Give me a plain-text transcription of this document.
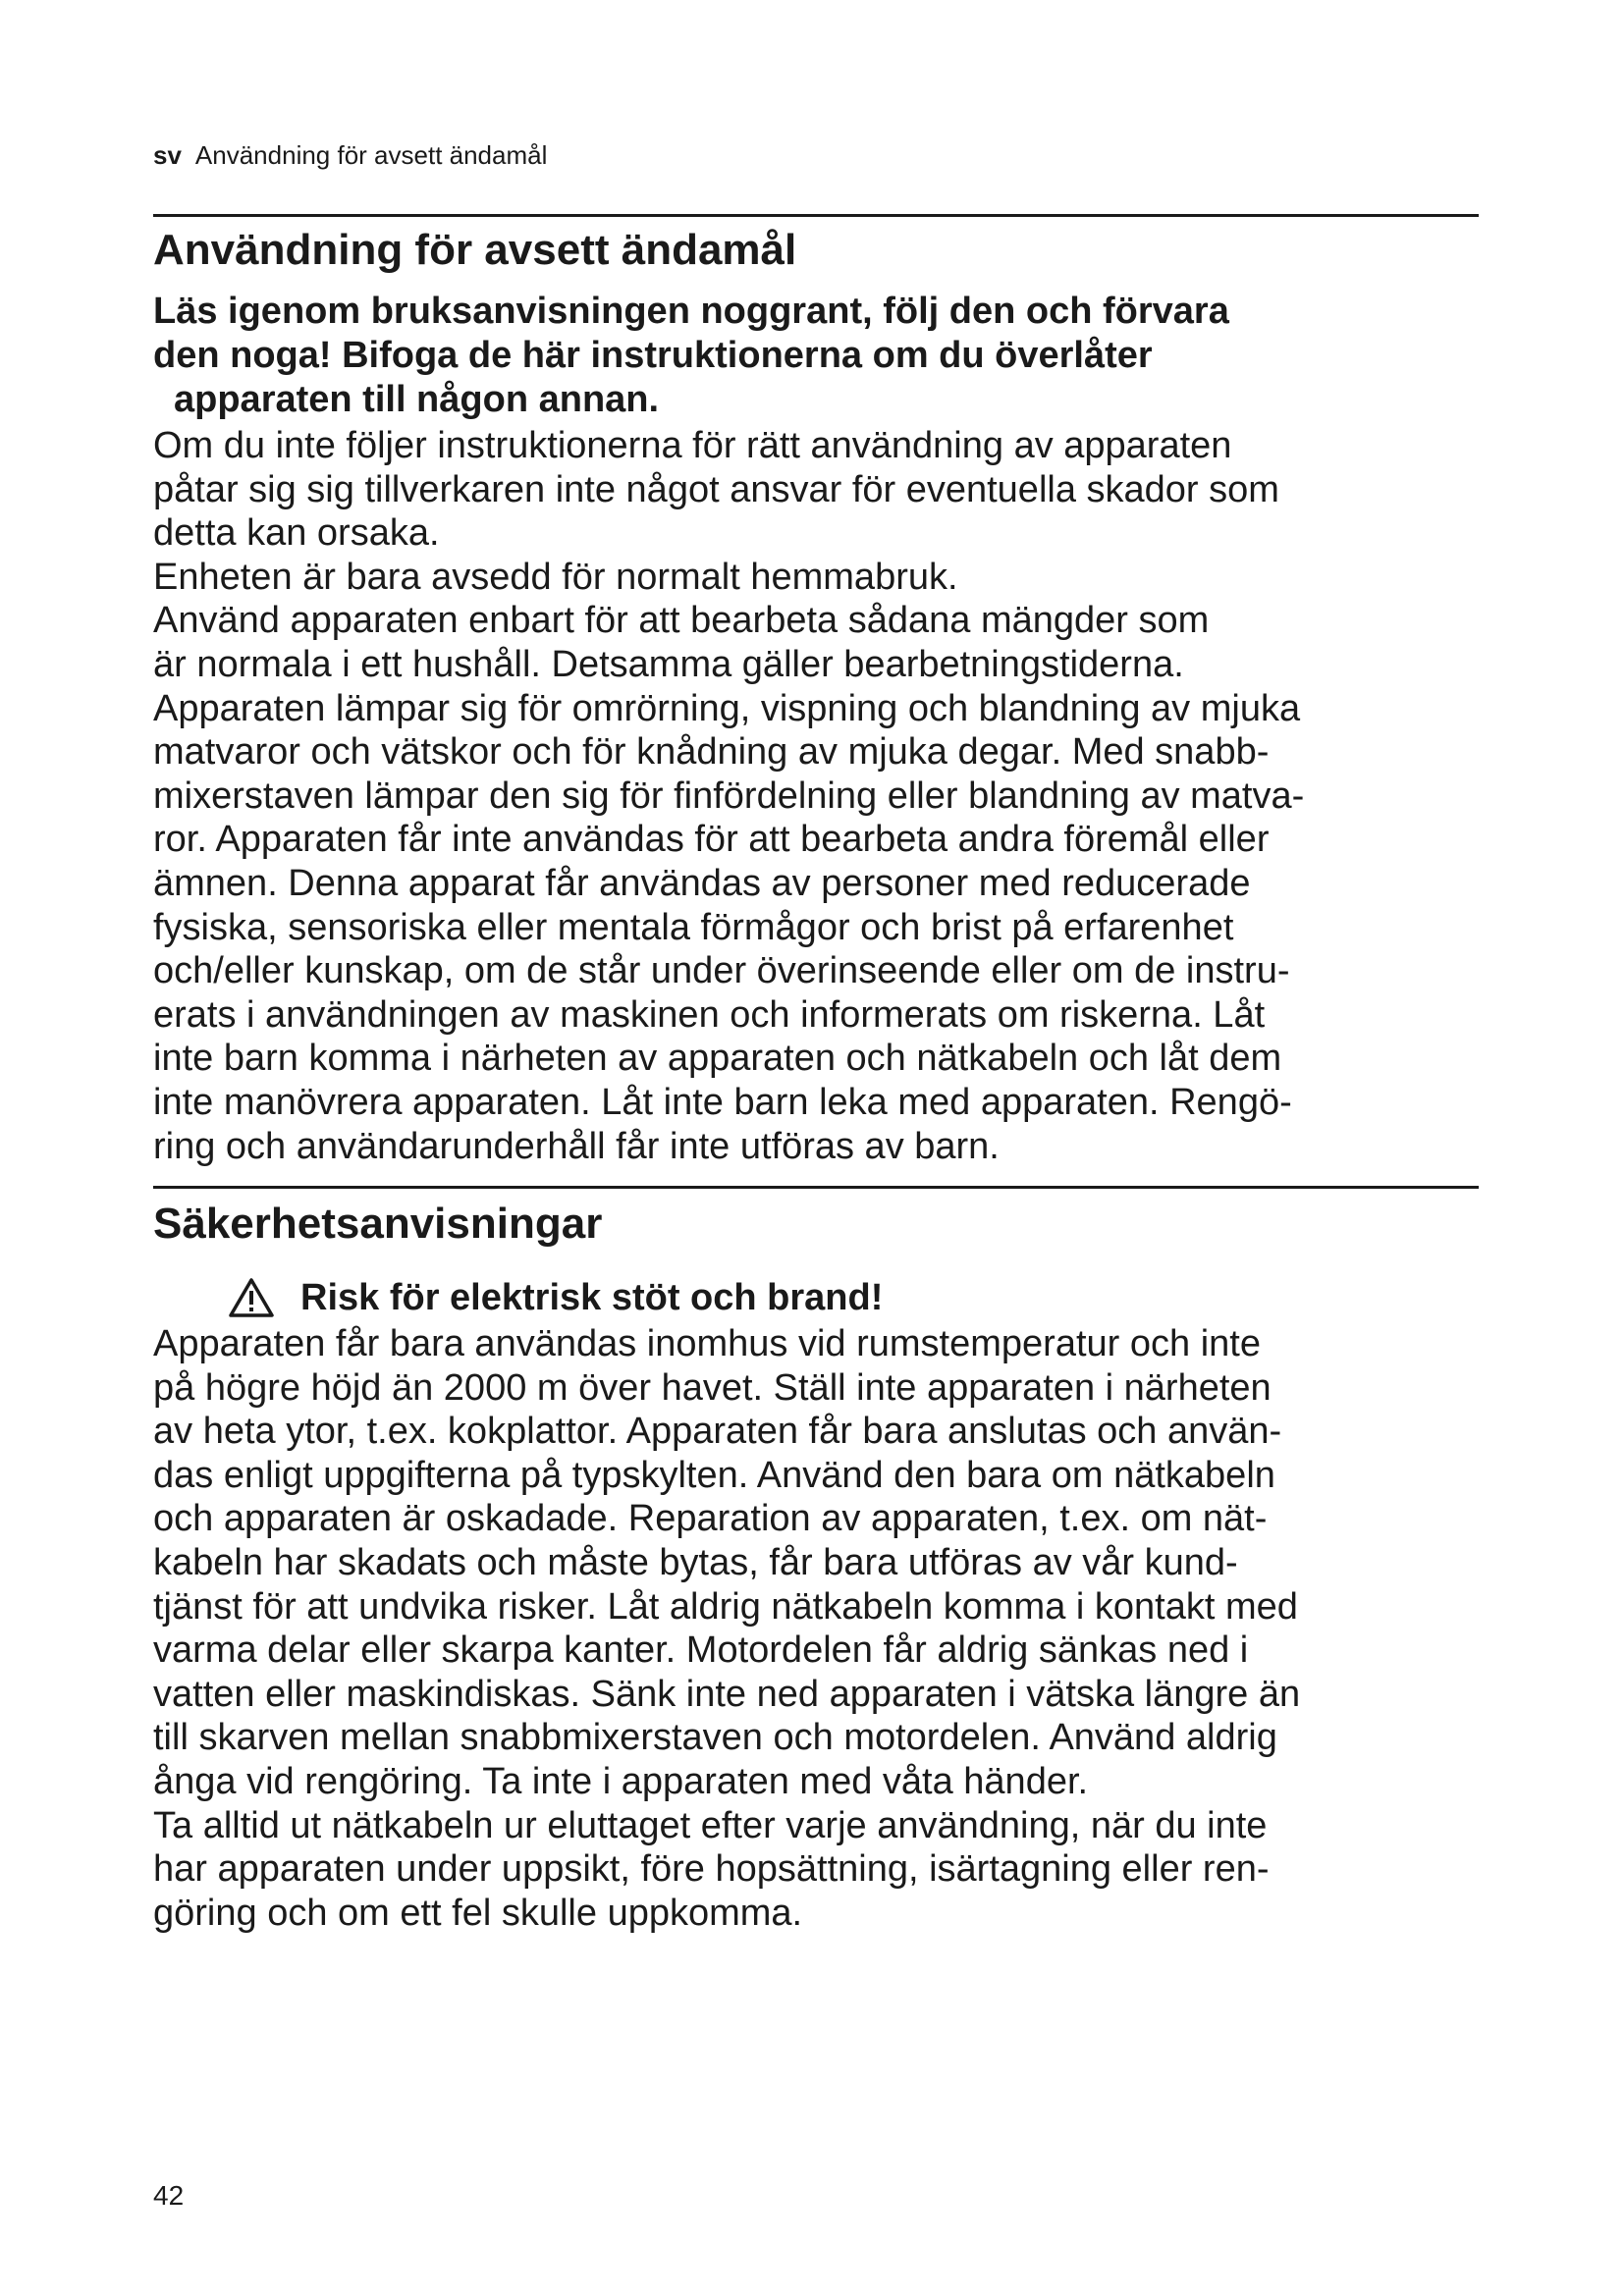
sv Användning för avsett ändamål
Användning för avsett ändamål
Läs igenom bruksanvisningen noggrant, följ den och förvara
den noga! Bifoga de här instruktionerna om du överlåter
apparaten till någon annan.
Om du inte följer instruktionerna för rätt användning av apparaten
påtar sig sig tillverkaren inte något ansvar för eventuella skador som
detta kan orsaka.
Enheten är bara avsedd för normalt hemmabruk.
Använd apparaten enbart för att bearbeta sådana mängder som
är normala i ett hushåll. Detsamma gäller bearbetningstiderna.
Apparaten lämpar sig för omrörning, vispning och blandning av mjuka
matvaror och vätskor och för knådning av mjuka degar. Med snabb-
mixerstaven lämpar den sig för finfördelning eller blandning av matva-
ror. Apparaten får inte användas för att bearbeta andra föremål eller
ämnen. Denna apparat får användas av personer med reducerade
fysiska, sensoriska eller mentala förmågor och brist på erfarenhet
och/eller kunskap, om de står under överinseende eller om de instru-
erats i användningen av maskinen och informerats om riskerna. Låt
inte barn komma i närheten av apparaten och nätkabeln och låt dem
inte manövrera apparaten. Låt inte barn leka med apparaten. Rengö-
ring och användarunderhåll får inte utföras av barn.
Säkerhetsanvisningar
Risk för elektrisk stöt och brand!
Apparaten får bara användas inomhus vid rumstemperatur och inte
på högre höjd än 2000 m över havet. Ställ inte apparaten i närheten
av heta ytor, t.ex. kokplattor. Apparaten får bara anslutas och använ-
das enligt uppgifterna på typskylten. Använd den bara om nätkabeln
och apparaten är oskadade. Reparation av apparaten, t.ex. om nät-
kabeln har skadats och måste bytas, får bara utföras av vår kund-
tjänst för att undvika risker. Låt aldrig nätkabeln komma i kontakt med
varma delar eller skarpa kanter. Motordelen får aldrig sänkas ned i
vatten eller maskindiskas. Sänk inte ned apparaten i vätska längre än
till skarven mellan snabbmixerstaven och motordelen. Använd aldrig
ånga vid rengöring. Ta inte i apparaten med våta händer.
Ta alltid ut nätkabeln ur eluttaget efter varje användning, när du inte
har apparaten under uppsikt, före hopsättning, isärtagning eller ren-
göring och om ett fel skulle uppkomma.
42
